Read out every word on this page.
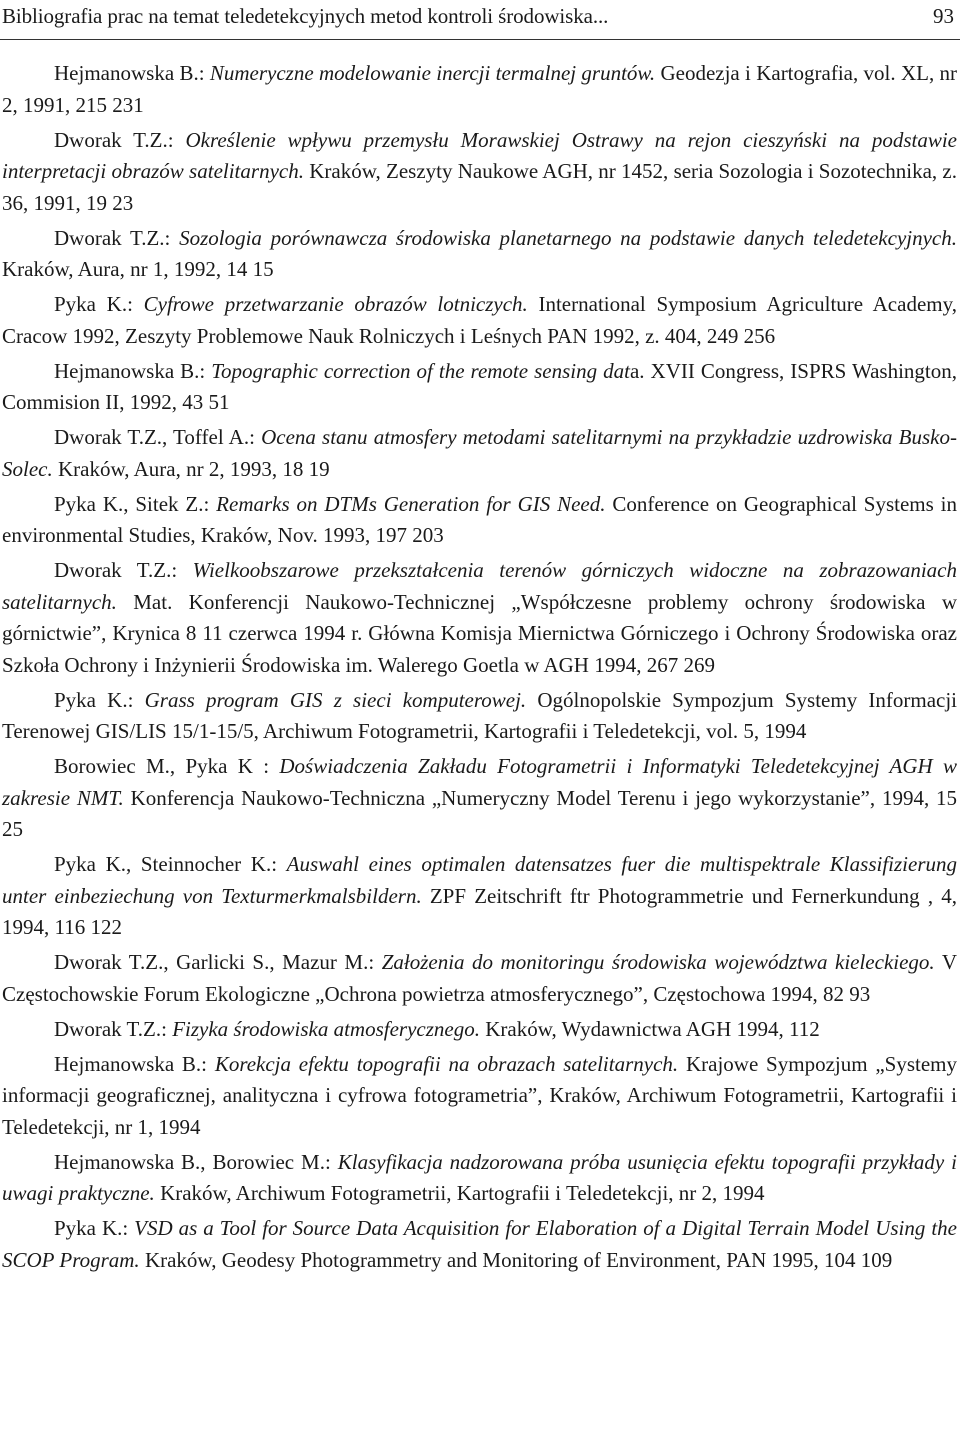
Bibliografia prac na temat teledetekcyjnych metod kontroli środowiska...	93

Hejmanowska B.: Numeryczne modelowanie inercji termalnej gruntów. Geodezja i Kartografia, vol. XL, nr 2, 1991, 215 231

Dworak T.Z.: Określenie wpływu przemysłu Morawskiej Ostrawy na rejon cieszyński na podstawie interpretacji obrazów satelitarnych. Kraków, Zeszyty Naukowe AGH, nr 1452, seria Sozologia i Sozotechnika, z. 36, 1991, 19 23

Dworak T.Z.: Sozologia porównawcza środowiska planetarnego na podstawie danych teledetekcyjnych. Kraków, Aura, nr 1, 1992, 14 15

Pyka K.: Cyfrowe przetwarzanie obrazów lotniczych. International Symposium Agriculture Academy, Cracow 1992, Zeszyty Problemowe Nauk Rolniczych i Leśnych PAN 1992, z. 404, 249 256

Hejmanowska B.: Topographic correction of the remote sensing data. XVII Congress, ISPRS Washington, Commision II, 1992, 43 51

Dworak T.Z., Toffel A.: Ocena stanu atmosfery metodami satelitarnymi na przykładzie uzdrowiska Busko-Solec. Kraków, Aura, nr 2, 1993, 18 19

Pyka K., Sitek Z.: Remarks on DTMs Generation for GIS Need. Conference on Geographical Systems in environmental Studies, Kraków, Nov. 1993, 197 203

Dworak T.Z.: Wielkoobszarowe przekształcenia terenów górniczych widoczne na zobrazowaniach satelitarnych. Mat. Konferencji Naukowo-Technicznej „Współczesne problemy ochrony środowiska w górnictwie”, Krynica 8 11 czerwca 1994 r. Główna Komisja Miernictwa Górniczego i Ochrony Środowiska oraz Szkoła Ochrony i Inżynierii Środowiska im. Walerego Goetla w AGH 1994, 267 269

Pyka K.: Grass program GIS z sieci komputerowej. Ogólnopolskie Sympozjum Systemy Informacji Terenowej GIS/LIS 15/1-15/5, Archiwum Fotogrametrii, Kartografii i Teledetekcji, vol. 5, 1994

Borowiec M., Pyka K : Doświadczenia Zakładu Fotogrametrii i Informatyki Teledetekcyjnej AGH w zakresie NMT. Konferencja Naukowo-Techniczna „Numeryczny Model Terenu i jego wykorzystanie”, 1994, 15 25

Pyka K., Steinnocher K.: Auswahl eines optimalen datensatzes fuer die multispektrale Klassifizierung unter einbeziechung von Texturmerkmalsbildern. ZPF Zeitschrift ftr Photogrammetrie und Fernerkundung , 4, 1994, 116 122

Dworak T.Z., Garlicki S., Mazur M.: Założenia do monitoringu środowiska województwa kieleckiego. V Częstochowskie Forum Ekologiczne „Ochrona powietrza atmosferycznego”, Częstochowa 1994, 82 93

Dworak T.Z.: Fizyka środowiska atmosferycznego. Kraków, Wydawnictwa AGH 1994, 112

Hejmanowska B.: Korekcja efektu topografii na obrazach satelitarnych. Krajowe Sympozjum „Systemy informacji geograficznej, analityczna i cyfrowa fotogrametria”, Kraków, Archiwum Fotogrametrii, Kartografii i Teledetekcji, nr 1, 1994

Hejmanowska B., Borowiec M.: Klasyfikacja nadzorowana próba usunięcia efektu topografii przykłady i uwagi praktyczne. Kraków, Archiwum Fotogrametrii, Kartografii i Teledetekcji, nr 2, 1994

Pyka K.: VSD as a Tool for Source Data Acquisition for Elaboration of a Digital Terrain Model Using the SCOP Program. Kraków, Geodesy Photogrammetry and Monitoring of Environment, PAN 1995, 104 109
